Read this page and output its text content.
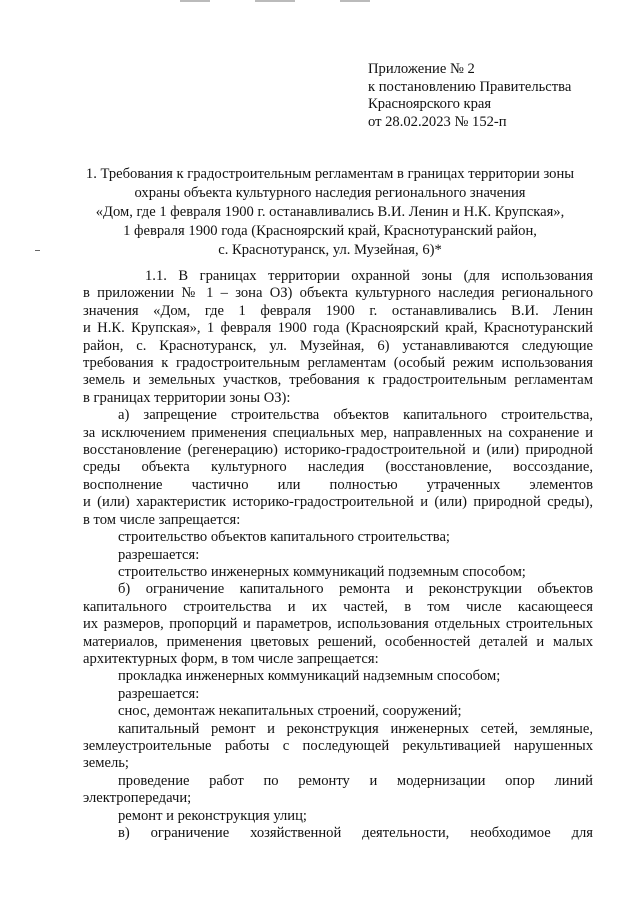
Приложение № 2
к постановлению Правительства
Красноярского края
от 28.02.2023 № 152-п
1. Требования к градостроительным регламентам в границах территории зоны
охраны объекта культурного наследия регионального значения
«Дом, где 1 февраля 1900 г. останавливались В.И. Ленин и Н.К. Крупская»,
1 февраля 1900 года (Красноярский край, Краснотуранский район,
с. Краснотуранск, ул. Музейная, 6)*
1.1. В границах территории охранной зоны (для использования
в приложении № 1 – зона ОЗ) объекта культурного наследия регионального
значения «Дом, где 1 февраля 1900 г. останавливались В.И. Ленин
и Н.К. Крупская», 1 февраля 1900 года (Красноярский край, Краснотуранский
район, с. Краснотуранск, ул. Музейная, 6) устанавливаются следующие
требования к градостроительным регламентам (особый режим использования
земель и земельных участков, требования к градостроительным регламентам
в границах территории зоны ОЗ):
а) запрещение строительства объектов капитального строительства,
за исключением применения специальных мер, направленных на сохранение и
восстановление (регенерацию) историко-градостроительной и (или) природной
среды объекта культурного наследия (восстановление, воссоздание,
восполнение частично или полностью утраченных элементов
и (или) характеристик историко-градостроительной и (или) природной среды),
в том числе запрещается:
строительство объектов капитального строительства;
разрешается:
строительство инженерных коммуникаций подземным способом;
б) ограничение капитального ремонта и реконструкции объектов
капитального строительства и их частей, в том числе касающееся
их размеров, пропорций и параметров, использования отдельных строительных
материалов, применения цветовых решений, особенностей деталей и малых
архитектурных форм, в том числе запрещается:
прокладка инженерных коммуникаций надземным способом;
разрешается:
снос, демонтаж некапитальных строений, сооружений;
капитальный ремонт и реконструкция инженерных сетей, земляные,
землеустроительные работы с последующей рекультивацией нарушенных
земель;
проведение работ по ремонту и модернизации опор линий
электропередачи;
ремонт и реконструкция улиц;
в) ограничение хозяйственной деятельности, необходимое для
